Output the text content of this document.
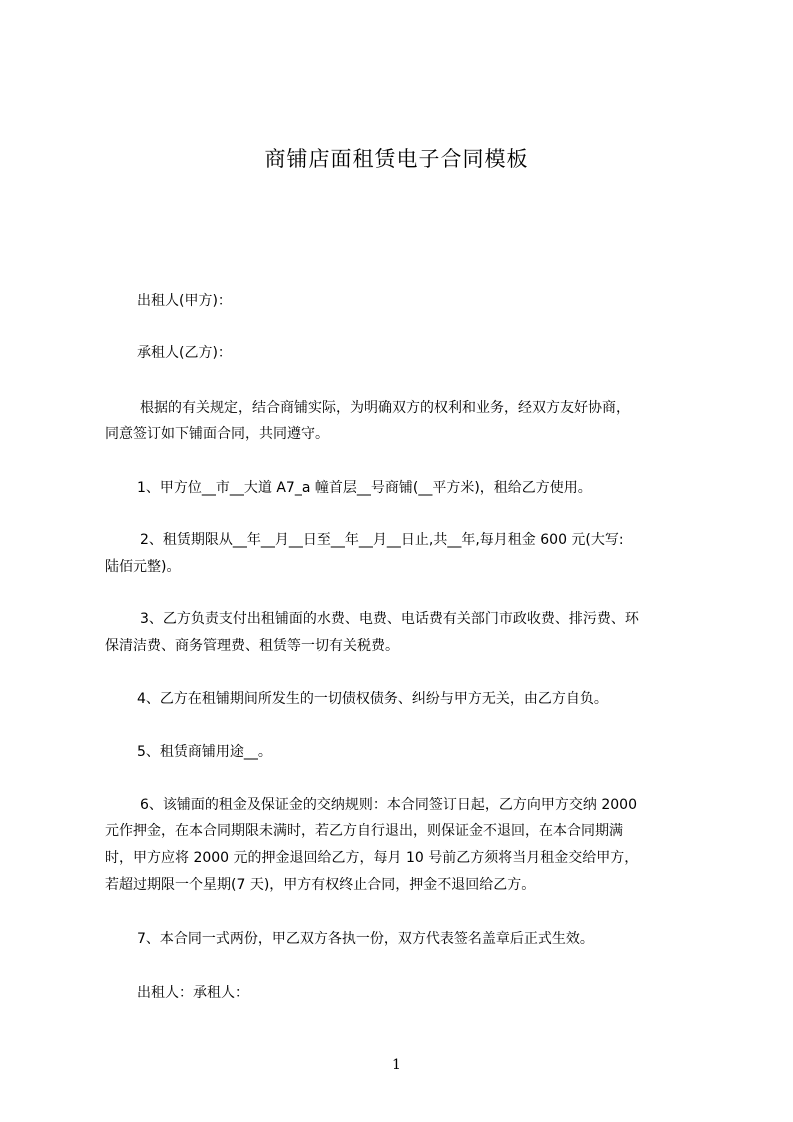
商铺店面租赁电子合同模板
出租人(甲方)：
承租人(乙方)：
根据的有关规定，结合商铺实际，为明确双方的权利和业务，经双方友好协商，
同意签订如下铺面合同，共同遵守。
1、甲方位__市__大道 A7_a 幢首层__号商铺(__平方米)，租给乙方使用。
2、租赁期限从__年__月__日至__年__月__日止,共__年,每月租金 600 元(大写:
陆佰元整)。
3、乙方负责支付出租铺面的水费、电费、电话费有关部门市政收费、排污费、环
保清洁费、商务管理费、租赁等一切有关税费。
4、乙方在租铺期间所发生的一切债权债务、纠纷与甲方无关，由乙方自负。
5、租赁商铺用途__。
6、该铺面的租金及保证金的交纳规则：本合同签订日起，乙方向甲方交纳 2000
元作押金，在本合同期限未满时，若乙方自行退出，则保证金不退回，在本合同期满
时，甲方应将 2000 元的押金退回给乙方，每月 10 号前乙方须将当月租金交给甲方，
若超过期限一个星期(7 天)，甲方有权终止合同，押金不退回给乙方。
7、本合同一式两份，甲乙双方各执一份，双方代表签名盖章后正式生效。
出租人：承租人：
1
